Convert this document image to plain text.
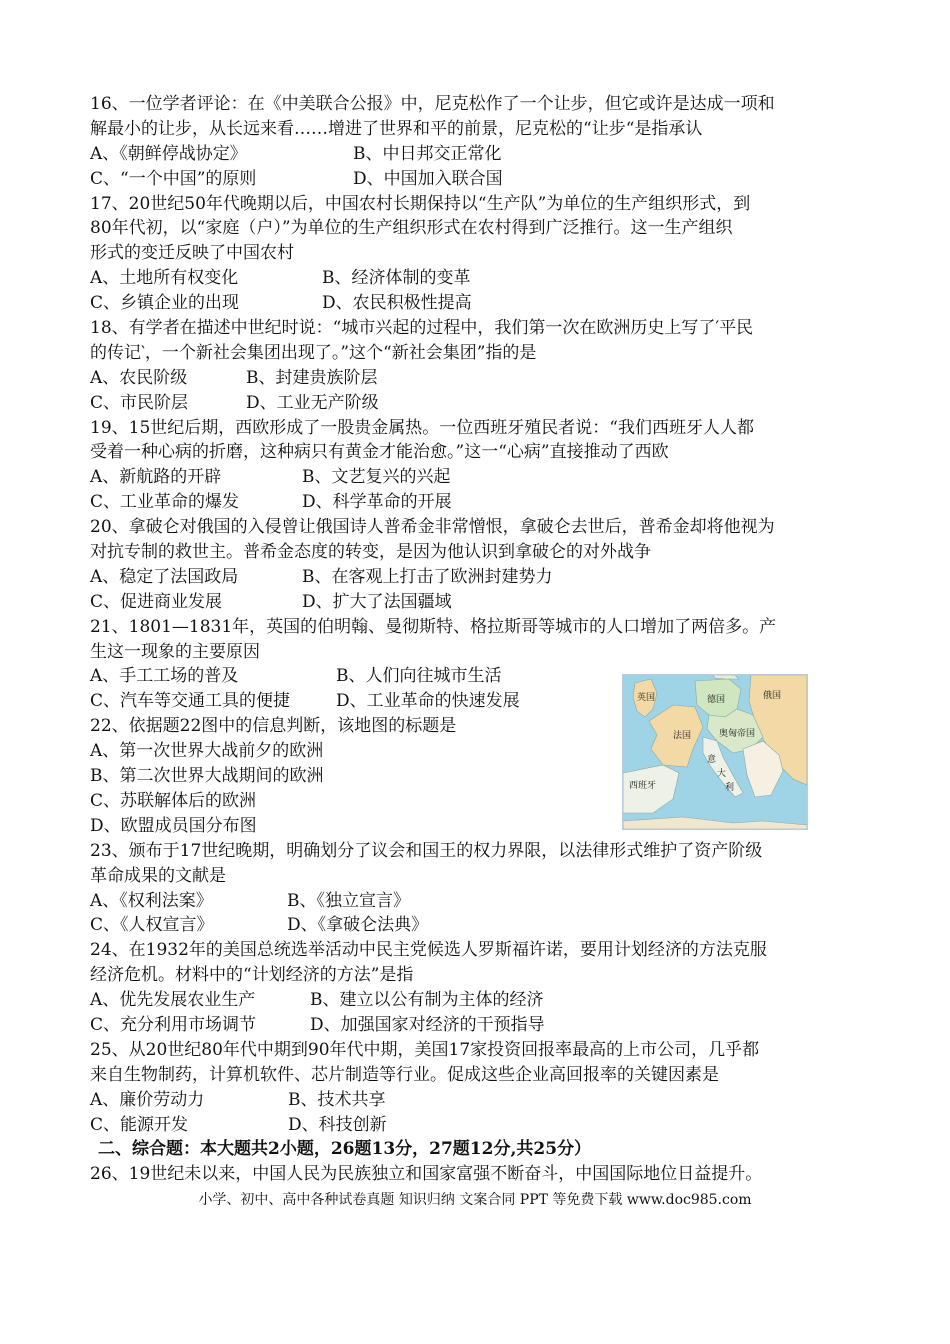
16、一位学者评论：在《中美联合公报》中，尼克松作了一个让步，但它或许是达成一项和
解最小的让步，从长远来看……增进了世界和平的前景，尼克松的“让步“是指承认
A、《朝鲜停战协定》	B、中日邦交正常化
C、“一个中国”的原则	D、中国加入联合国
17、20世纪50年代晚期以后，中国农村长期保持以“生产队”为单位的生产组织形式，到
80年代初，以“家庭（户）”为单位的生产组织形式在农村得到广泛推行。这一生产组织
形式的变迁反映了中国农村
A、土地所有权变化	B、经济体制的变革
C、乡镇企业的出现	D、农民积极性提高
18、有学者在描述中世纪时说：“城市兴起的过程中，我们第一次在欧洲历史上写了′平民
的传记‵，一个新社会集团出现了。”这个“新社会集团”指的是
A、农民阶级	B、封建贵族阶层
C、市民阶层	D、工业无产阶级
19、15世纪后期，西欧形成了一股贵金属热。一位西班牙殖民者说：“我们西班牙人人都
受着一种心病的折磨，这种病只有黄金才能治愈。”这一“心病”直接推动了西欧
A、新航路的开辟	B、文艺复兴的兴起
C、工业革命的爆发	D、科学革命的开展
20、拿破仑对俄国的入侵曾让俄国诗人普希金非常憎恨，拿破仑去世后，普希金却将他视为
对抗专制的救世主。普希金态度的转变，是因为他认识到拿破仑的对外战争
A、稳定了法国政局	B、在客观上打击了欧洲封建势力
C、促进商业发展	D、扩大了法国疆域
21、1801—1831年，英国的伯明翰、曼彻斯特、格拉斯哥等城市的人口增加了两倍多。产
生这一现象的主要原因
A、手工工场的普及	B、人们向往城市生活
C、汽车等交通工具的便捷	D、工业革命的快速发展
22、依据题22图中的信息判断，该地图的标题是
A、第一次世界大战前夕的欧洲
B、第二次世界大战期间的欧洲
C、苏联解体后的欧洲
D、欧盟成员国分布图
23、颁布于17世纪晚期，明确划分了议会和国王的权力界限，以法律形式维护了资产阶级
革命成果的文献是
A、《权利法案》	B、《独立宣言》
C、《人权宣言》	D、《拿破仑法典》
24、在1932年的美国总统选举活动中民主党候选人罗斯福许诺，要用计划经济的方法克服
经济危机。材料中的“计划经济的方法”是指
A、优先发展农业生产	B、建立以公有制为主体的经济
C、充分利用市场调节	D、加强国家对经济的干预指导
25、从20世纪80年代中期到90年代中期，美国17家投资回报率最高的上市公司，几乎都
来自生物制药，计算机软件、芯片制造等行业。促成这些企业高回报率的关键因素是
A、廉价劳动力	B、技术共享
C、能源开发	D、科技创新
二、综合题：本大题共2小题，26题13分，27题12分,共25分）
26、19世纪未以来，中国人民为民族独立和国家富强不断奋斗，中国国际地位日益提升。
英国	德国	俄国
法国	奥匈帝国
意
大
利
西班牙
小学、初中、高中各种试卷真题 知识归纳 文案合同 PPT 等免费下载 www.doc985.com
